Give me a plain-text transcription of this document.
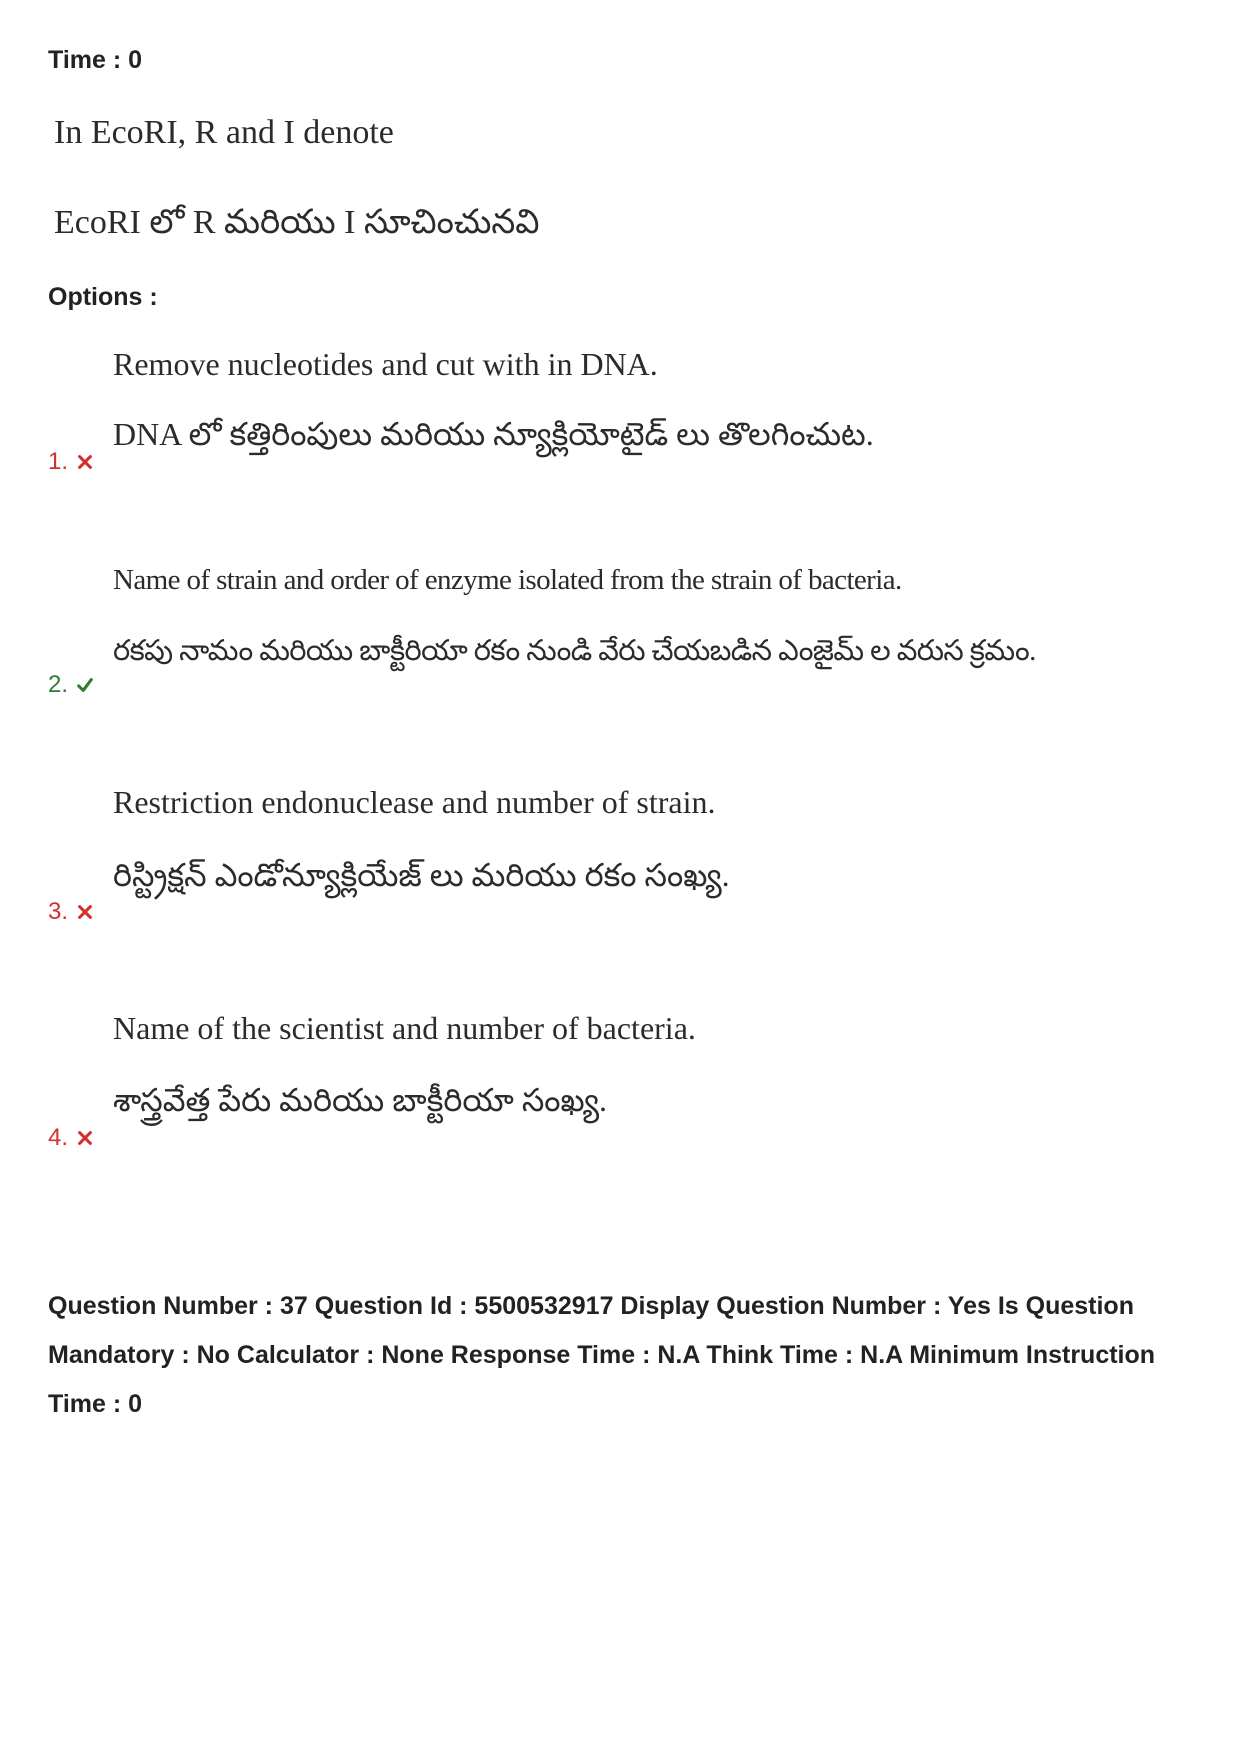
Time : 0
In EcoRI, R and I denote
EcoRI లో R మరియు I సూచించునవి
Options :
Remove nucleotides and cut with in DNA.
DNA లో కత్తిరింపులు మరియు న్యూక్లియోటైడ్ లు తొలగించుట.
1.
Name of strain and order of enzyme isolated from the strain of bacteria.
రకపు నామం మరియు బాక్టీరియా రకం నుండి వేరు చేయబడిన ఎంజైమ్ ల వరుస క్రమం.
2.
Restriction endonuclease and number of strain.
రిస్ట్రిక్షన్ ఎండోన్యూక్లియేజ్ లు మరియు రకం సంఖ్య.
3.
Name of the scientist and number of bacteria.
శాస్త్రవేత్త పేరు మరియు బాక్టీరియా సంఖ్య.
4.
Question Number : 37 Question Id : 5500532917 Display Question Number : Yes Is Question Mandatory : No Calculator : None Response Time : N.A Think Time : N.A Minimum Instruction Time : 0
